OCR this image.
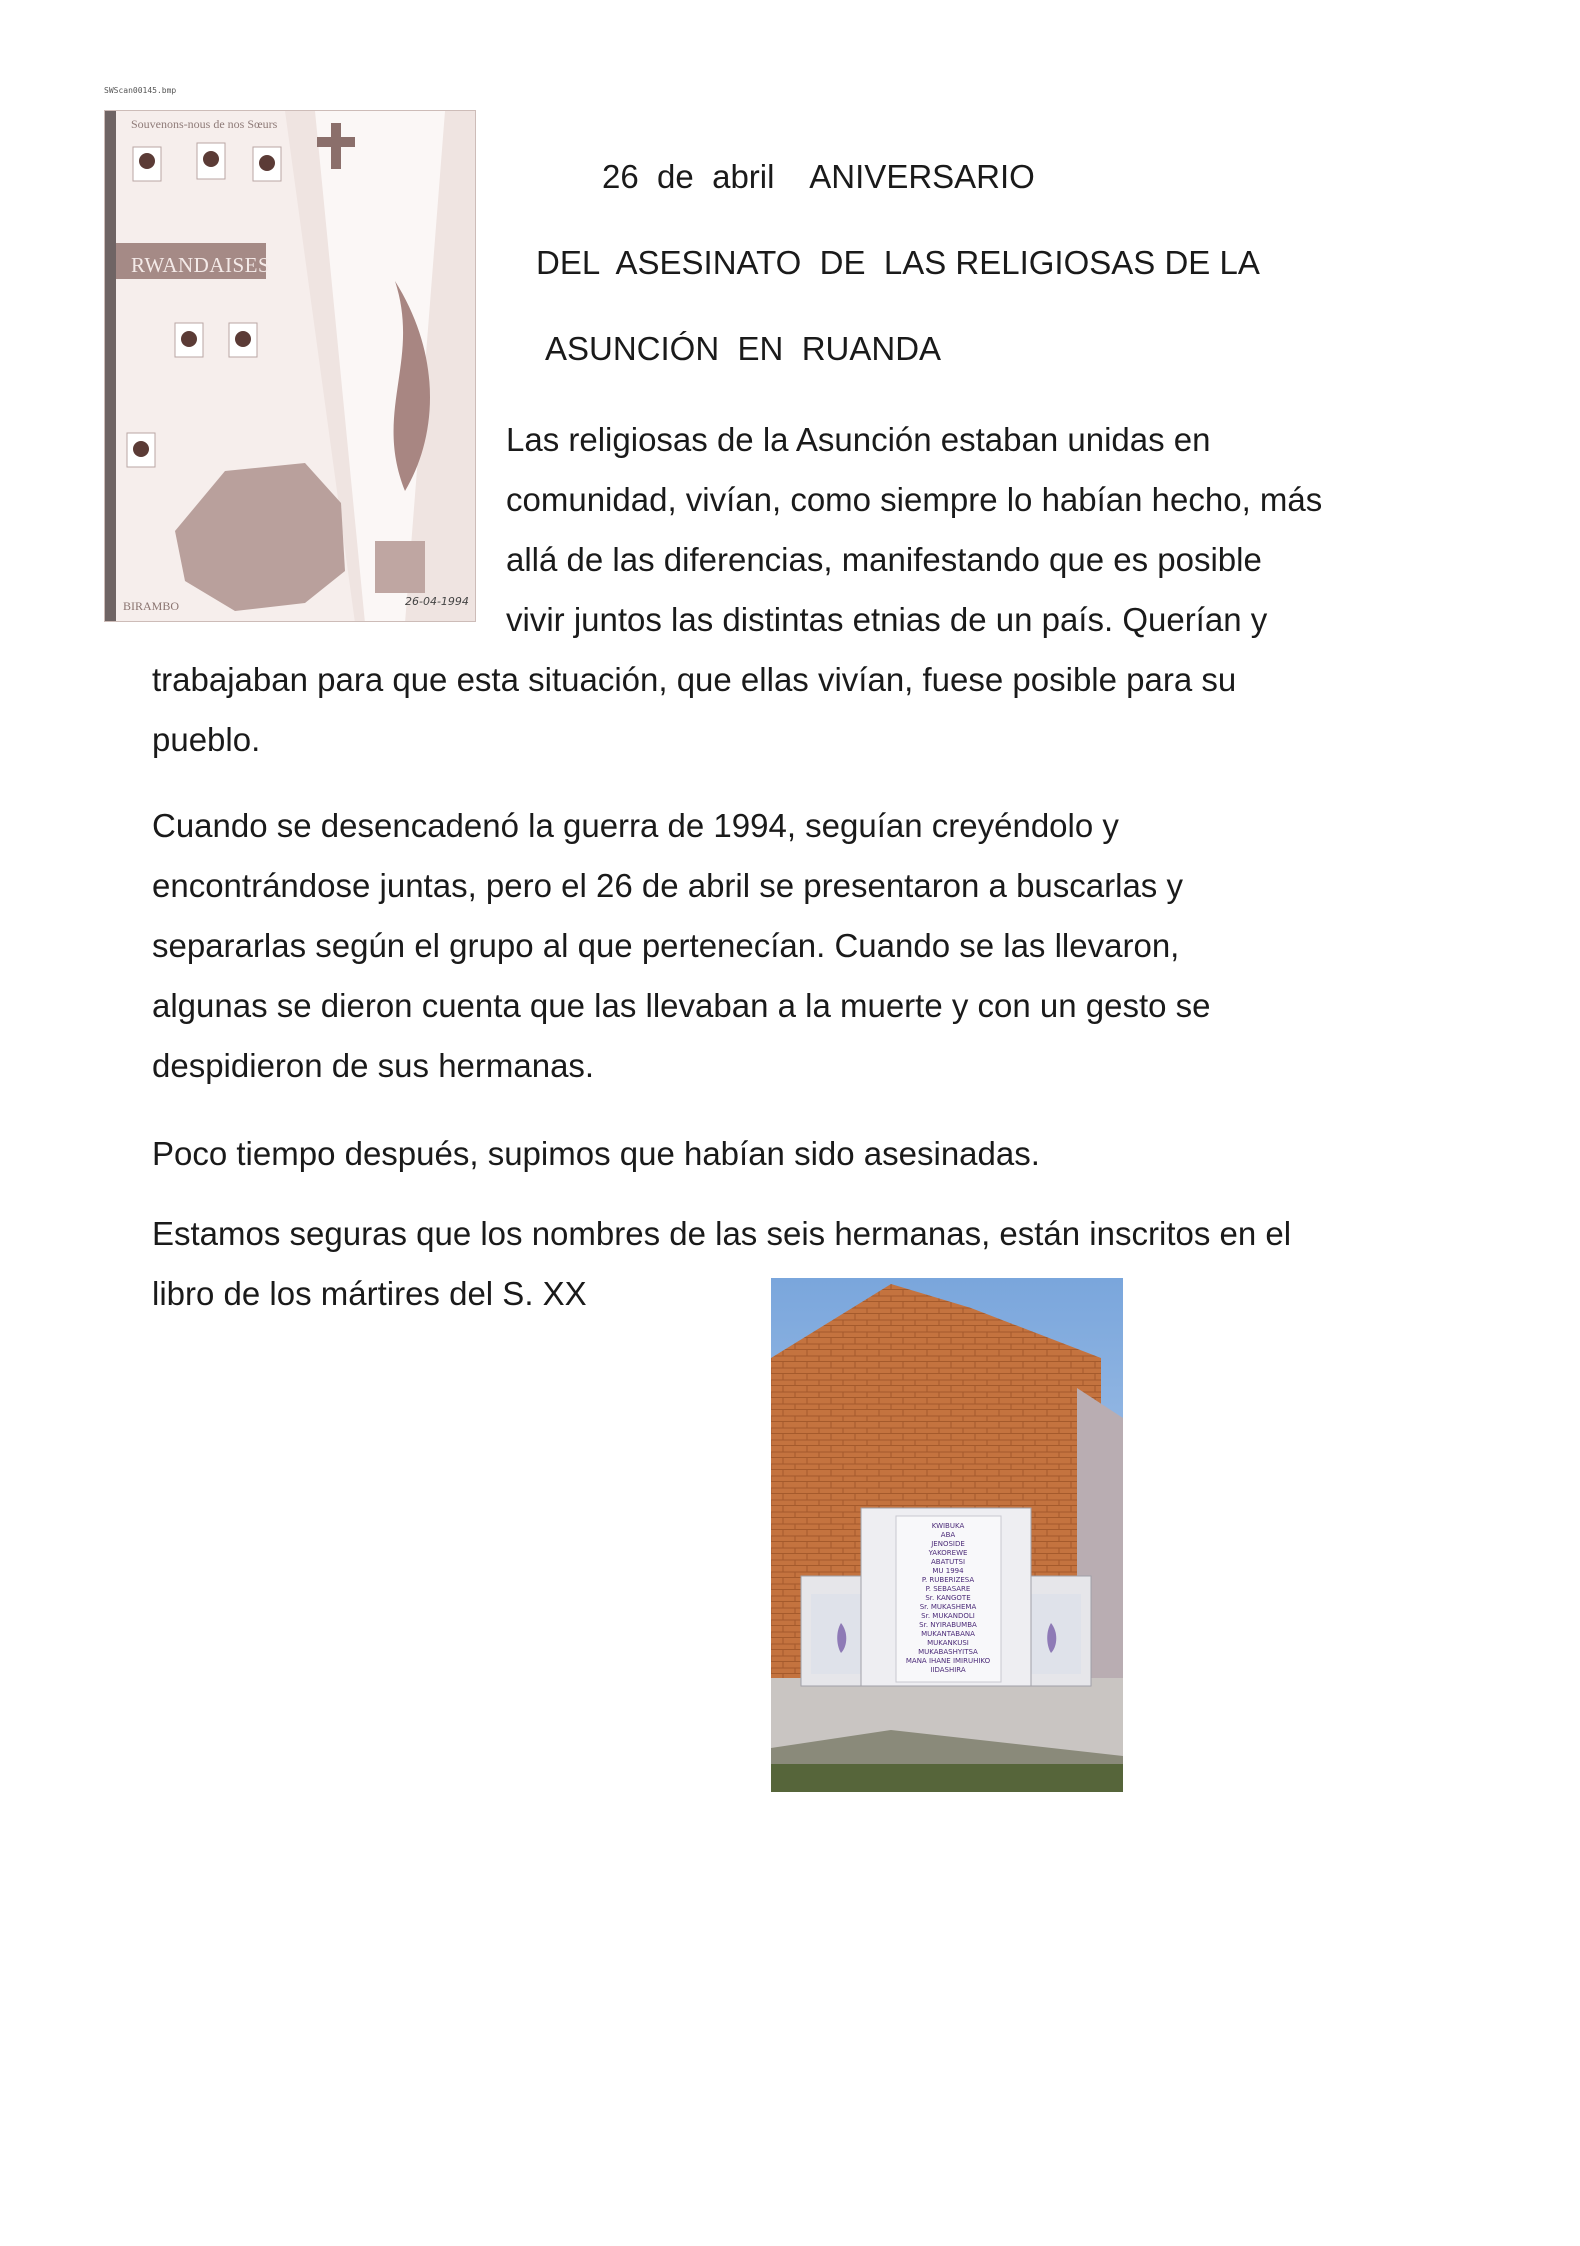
SWScan00145.bmp
Souvenons-nous de nos Sœurs
RWANDAISES
BIRAMBO	26-04-1994
26  de  abril    ANIVERSARIO
DEL  ASESINATO  DE  LAS RELIGIOSAS DE LA
ASUNCIÓN  EN  RUANDA

Las religiosas de la Asunción estaban unidas en
comunidad, vivían, como siempre lo habían hecho, más
allá de las diferencias, manifestando que es posible
vivir juntos las distintas etnias de un país. Querían y

trabajaban para que esta situación, que ellas vivían, fuese posible para su
pueblo.

Cuando se desencadenó la guerra de 1994, seguían creyéndolo y
encontrándose juntas, pero el 26 de abril se presentaron a buscarlas y
separarlas según el grupo al que pertenecían. Cuando se las llevaron,
algunas se dieron cuenta que las llevaban a la muerte y con un gesto se
despidieron de sus hermanas.

Poco tiempo después, supimos que habían sido asesinadas.

Estamos seguras que los nombres de las seis hermanas, están inscritos en el
libro de los mártires del S. XX

KWIBUKA
ABA
JENOSIDE
YAKOREWE
ABATUTSI
MU 1994
P. RUBERIZESA
P. SEBASARE
Sr. KANGOTE
Sr. MUKASHEMA
Sr. MUKANDOLI
Sr. NYIRABUMBA
MUKANTABANA
MUKANKUSI
MUKABASHYITSA
MANA IHANE IMIRUHIKO
IIDASHIRA
